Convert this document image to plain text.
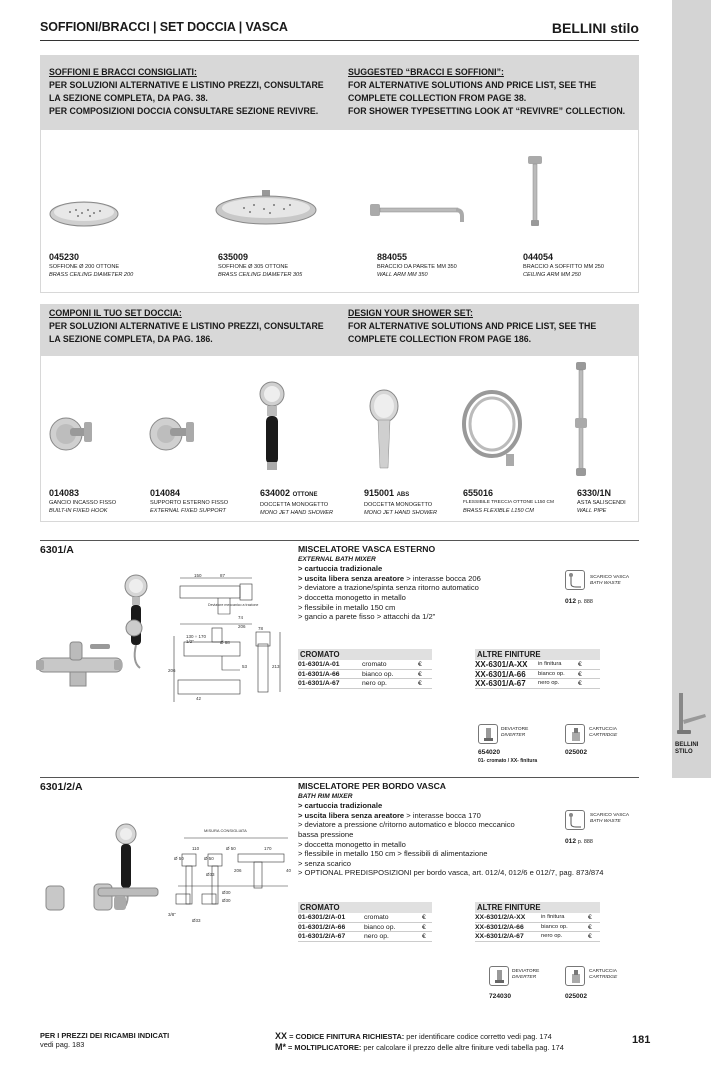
BELLINI
STILO
SOFFIONI/BRACCI | SET DOCCIA | VASCA	BELLINI stilo
SOFFIONI E BRACCI CONSIGLIATI:
PER SOLUZIONI ALTERNATIVE E LISTINO PREZZI, CONSULTARE
LA SEZIONE COMPLETA, DA PAG. 38.
PER COMPOSIZIONI DOCCIA CONSULTARE SEZIONE REVIVRE.
SUGGESTED “BRACCI E SOFFIONI”:
FOR ALTERNATIVE SOLUTIONS AND PRICE LIST, SEE THE
COMPLETE COLLECTION FROM PAGE 38.
FOR SHOWER TYPESETTING LOOK AT “REVIVRE” COLLECTION.
045230
SOFFIONE Ø 200 OTTONE
BRASS CEILING DIAMETER 200
635009
SOFFIONE Ø 305 OTTONE
BRASS CEILING DIAMETER 305
884055
BRACCIO DA PARETE MM 350
WALL ARM MM 350
044054
BRACCIO A SOFFITTO MM 250
CEILING ARM MM 250
COMPONI IL TUO SET DOCCIA:
PER SOLUZIONI ALTERNATIVE E LISTINO PREZZI, CONSULTARE
LA SEZIONE COMPLETA, DA PAG. 186.
DESIGN YOUR SHOWER SET:
FOR ALTERNATIVE SOLUTIONS AND PRICE LIST, SEE THE
COMPLETE COLLECTION FROM PAGE 186.
014083
GANCIO INCASSO FISSO
BUILT-IN FIXED HOOK
014084
SUPPORTO ESTERNO FISSO
EXTERNAL FIXED SUPPORT
634002 OTTONE
DOCCETTA MONOGETTO
MONO JET HAND SHOWER
915001 ABS
DOCCETTA MONOGETTO
MONO JET HAND SHOWER
655016
FLESSIBILE TRECCIA OTTONE L150 CM
BRASS FLEXIBLE L150 CM
6330/1N
ASTA SALISCENDI
WALL PIPE
6301/A
150	87
Deviatore meccanico a trazione
74
206
130 ÷ 170
1/2”	Ø 68
78
206
53
42
213
MISCELATORE VASCA ESTERNO
EXTERNAL BATH MIXER
> cartuccia tradizionale
> uscita libera senza areatore > interasse bocca 206
> deviatore a trazione/spinta senza ritorno automatico
> doccetta monogetto in metallo
> flessibile in metallo 150 cm
> gancio a parete fisso > attacchi da 1/2”
SCARICO VASCA
BATH WASTE
012 p. 888
CROMATO
01-6301/A-01	cromato	€
01-6301/A-66	bianco op.	€
01-6301/A-67	nero op.	€
ALTRE FINITURE
XX-6301/A-XX in finitura €
XX-6301/A-66 bianco op. €
XX-6301/A-67 nero op.	€
DEVIATORE
DIVERTER
654020
01- cromato / XX- finitura
CARTUCCIA
CARTRIDGE
025002
6301/2/A
MISURA CONSIGLIATA
110	Ø 50	170
Ø 50	Ø 50
206	40
Ø33
Ø30
Ø30
3/8”
Ø33
MISCELATORE PER BORDO VASCA
BATH RIM MIXER
> cartuccia tradizionale
> uscita libera senza areatore > interasse bocca 170
> deviatore a pressione c/ritorno automatico e blocco meccanico
bassa pressione
> doccetta monogetto in metallo
> flessibile in metallo 150 cm > flessibili di alimentazione
> senza scarico
> OPTIONAL PREDISPOSIZIONI per bordo vasca, art. 012/4, 012/6 e 012/7, pag. 873/874
SCARICO VASCA
BATH WASTE
012 p. 888
CROMATO
01-6301/2/A-01	cromato	€
01-6301/2/A-66	bianco op.	€
01-6301/2/A-67	nero op.	€
ALTRE FINITURE
XX-6301/2/A-XX	in finitura	€
XX-6301/2/A-66	bianco op.	€
XX-6301/2/A-67	nero op.	€
DEVIATORE
DIVERTER
724030
CARTUCCIA
CARTRIDGE
025002
PER I PREZZI DEI RICAMBI INDICATI
vedi pag. 183
XX = CODICE FINITURA RICHIESTA: per identificare codice corretto vedi pag. 174
M* = MOLTIPLICATORE: per calcolare il prezzo delle altre finiture vedi tabella pag. 174
181
